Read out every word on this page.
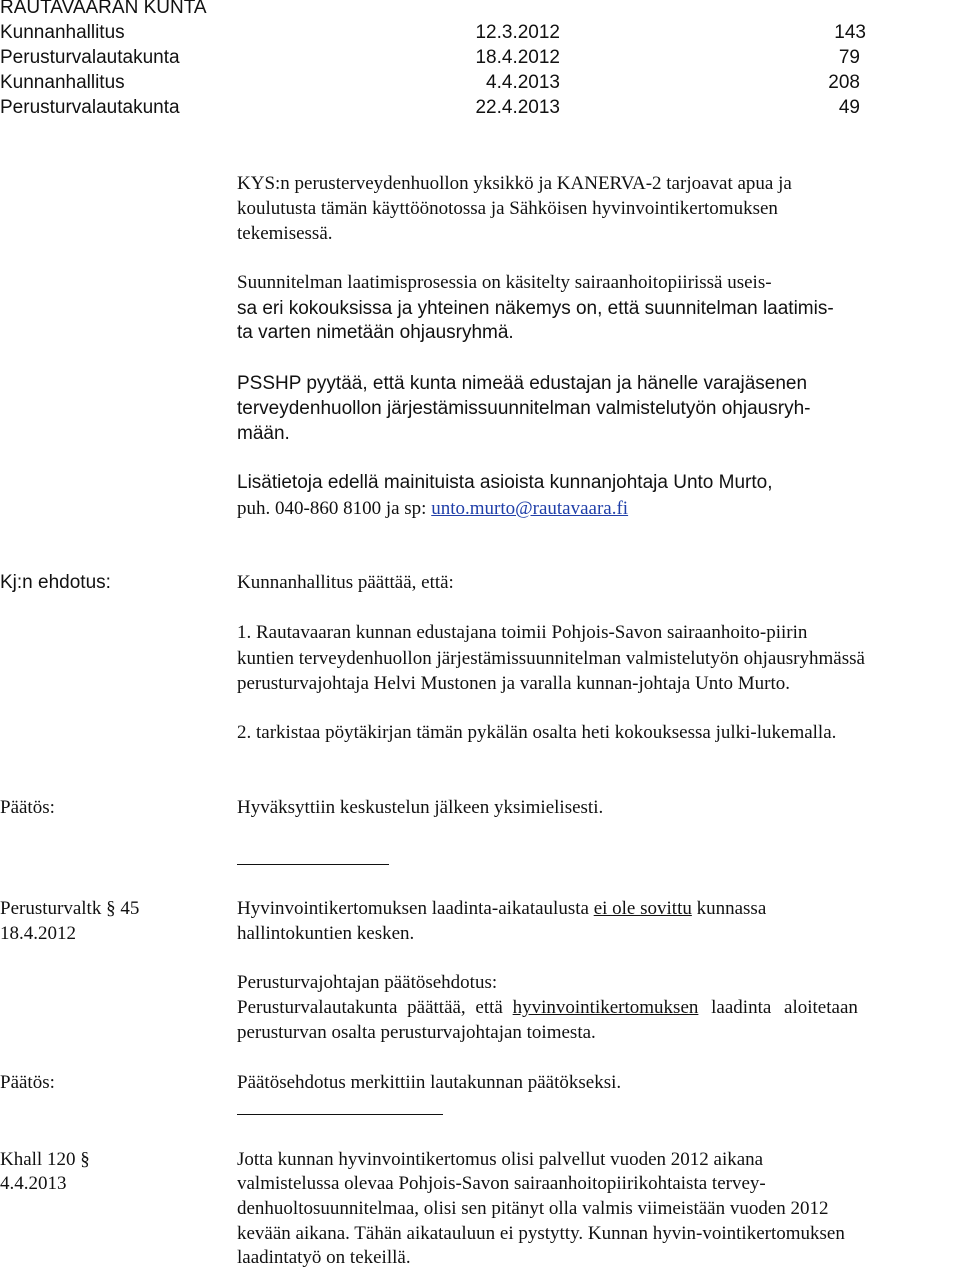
RAUTAVAARAN KUNTA
Kunnanhallitus	12.3.2012	143
Perusturvalautakunta	18.4.2012	79
Kunnanhallitus	4.4.2013	208
Perusturvalautakunta	22.4.2013	49
KYS:n perusterveydenhuollon yksikkö ja KANERVA-2 tarjoavat apua ja
koulutusta tämän käyttöönotossa ja Sähköisen hyvinvointikertomuksen
tekemisessä.
Suunnitelman laatimisprosessia on käsitelty sairaanhoitopiirissä useis-
sa eri kokouksissa ja yhteinen näkemys on, että suunnitelman laatimis-
ta varten nimetään ohjausryhmä.
PSSHP pyytää, että kunta nimeää edustajan ja hänelle varajäsenen
terveydenhuollon järjestämissuunnitelman valmistelutyön ohjausryh-
mään.
Lisätietoja edellä mainituista asioista kunnanjohtaja Unto Murto,
puh. 040-860 8100 ja sp: unto.murto@rautavaara.fi
Kj:n ehdotus:	Kunnanhallitus päättää, että:
1. Rautavaaran kunnan edustajana toimii Pohjois-Savon sairaanhoito-piirin
kuntien terveydenhuollon järjestämissuunnitelman valmistelutyön ohjausryhmässä
perusturvajohtaja Helvi Mustonen ja varalla kunnan-johtaja Unto Murto.
2. tarkistaa pöytäkirjan tämän pykälän osalta heti kokouksessa julki-lukemalla.
Päätös:	Hyväksyttiin keskustelun jälkeen yksimielisesti.
Perusturvaltk § 45
18.4.2012
Hyvinvointikertomuksen laadinta-aikataulusta ei ole sovittu kunnassa
hallintokuntien kesken.
Perusturvajohtajan päätösehdotus:
Perusturvalautakunta päättää, että hyvinvointikertomuksen laadinta aloitetaan
perusturvan osalta perusturvajohtajan toimesta.
Päätös:	Päätösehdotus merkittiin lautakunnan päätökseksi.
Khall 120 §
4.4.2013
Jotta kunnan hyvinvointikertomus olisi palvellut vuoden 2012 aikana
valmistelussa olevaa Pohjois-Savon sairaanhoitopiirikohtaista tervey-
denhuoltosuunnitelmaa, olisi sen pitänyt olla valmis viimeistään vuoden 2012
kevään aikana. Tähän aikatauluun ei pystytty. Kunnan hyvin-vointikertomuksen
laadintatyö on tekeillä.
